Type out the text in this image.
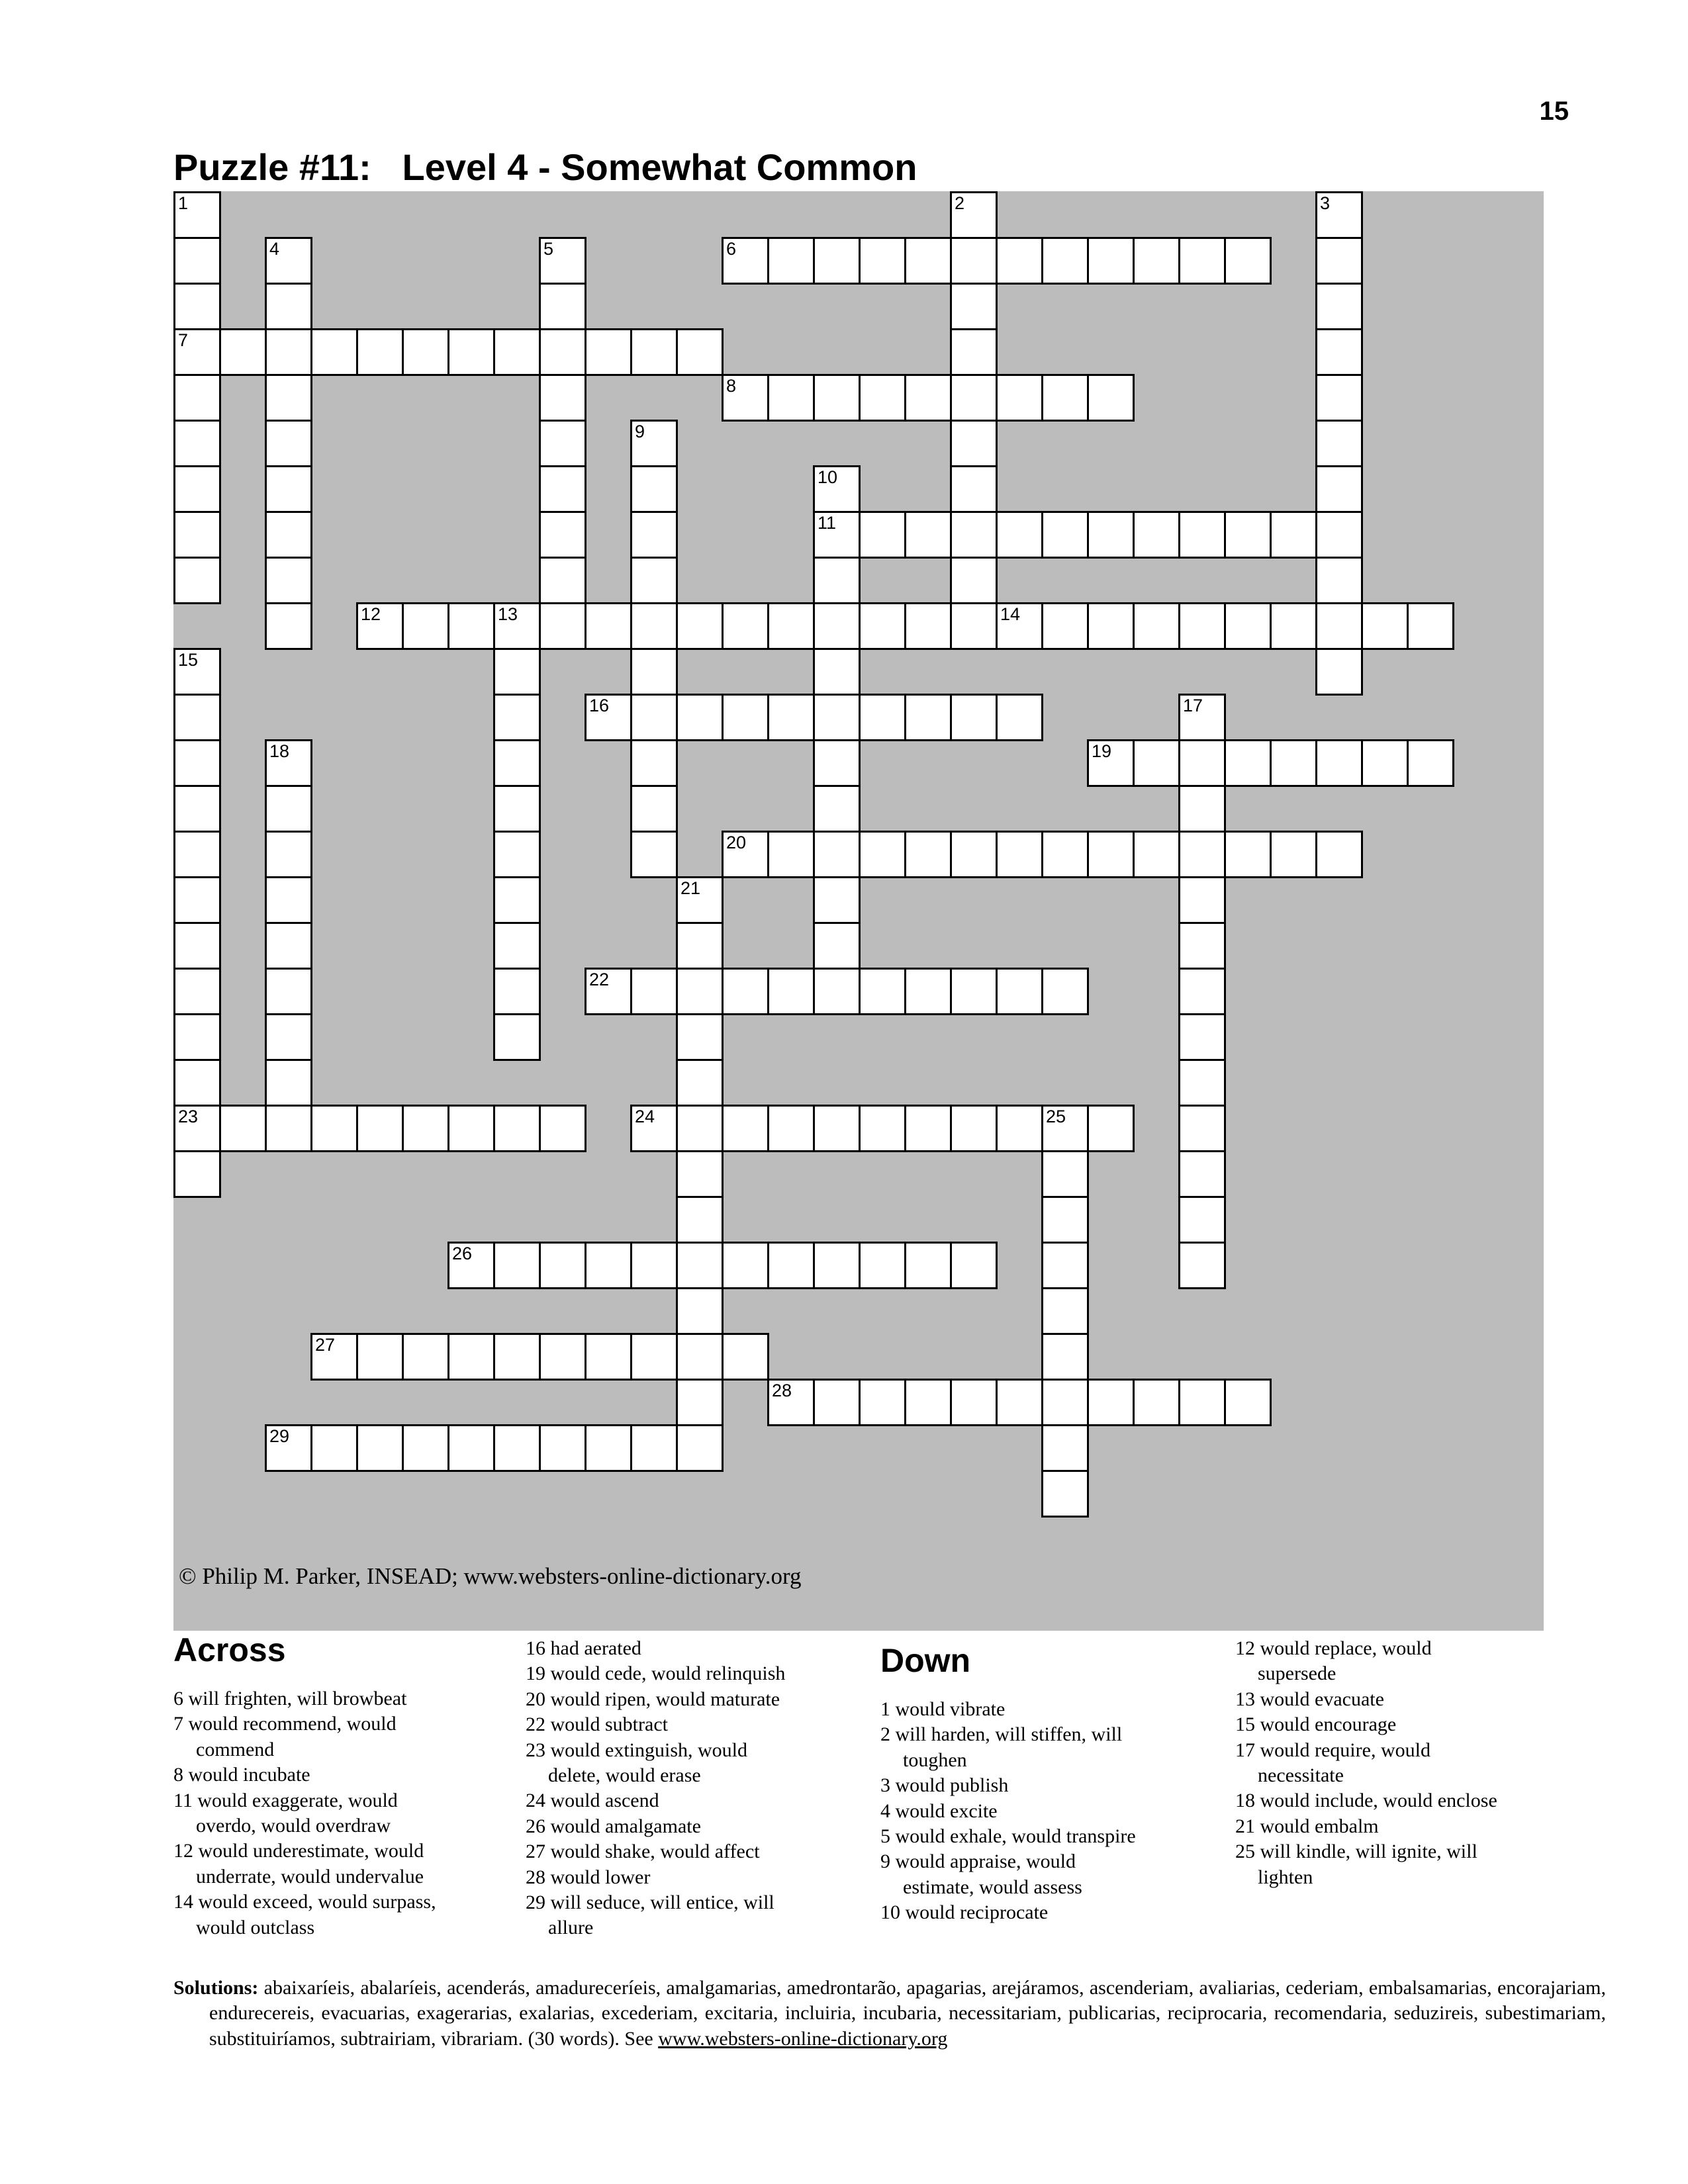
15
Puzzle #11:   Level 4 - Somewhat Common
© Philip M. Parker, INSEAD; www.websters-online-dictionary.org
1
7
2	3
4	5	6
8
9
10
11
12	13	14
15
23
16	17
18	19
20
21
22
24	25
26
27
28
29
Across
6 will frighten, will browbeat
7 would recommend, would
commend
8 would incubate
11 would exaggerate, would
overdo, would overdraw
12 would underestimate, would
underrate, would undervalue
14 would exceed, would surpass,
would outclass
16 had aerated
19 would cede, would relinquish
20 would ripen, would maturate
22 would subtract
23 would extinguish, would
delete, would erase
24 would ascend
26 would amalgamate
27 would shake, would affect
28 would lower
29 will seduce, will entice, will
allure
Down
1 would vibrate
2 will harden, will stiffen, will
toughen
3 would publish
4 would excite
5 would exhale, would transpire
9 would appraise, would
estimate, would assess
10 would reciprocate
12 would replace, would
supersede
13 would evacuate
15 would encourage
17 would require, would
necessitate
18 would include, would enclose
21 would embalm
25 will kindle, will ignite, will
lighten
Solutions: abaixaríeis, abalaríeis, acenderás, amadureceríeis, amalgamarias, amedrontarão, apagarias, arejáramos, ascenderiam, avaliarias, cederiam, embalsamarias, encorajariam, endurecereis, evacuarias, exagerarias, exalarias, excederiam, excitaria, incluiria, incubaria, necessitariam, publicarias, reciprocaria, recomendaria, seduzireis, subestimariam, substituiríamos, subtrairiam, vibrariam. (30 words). See www.websters-online-dictionary.org
